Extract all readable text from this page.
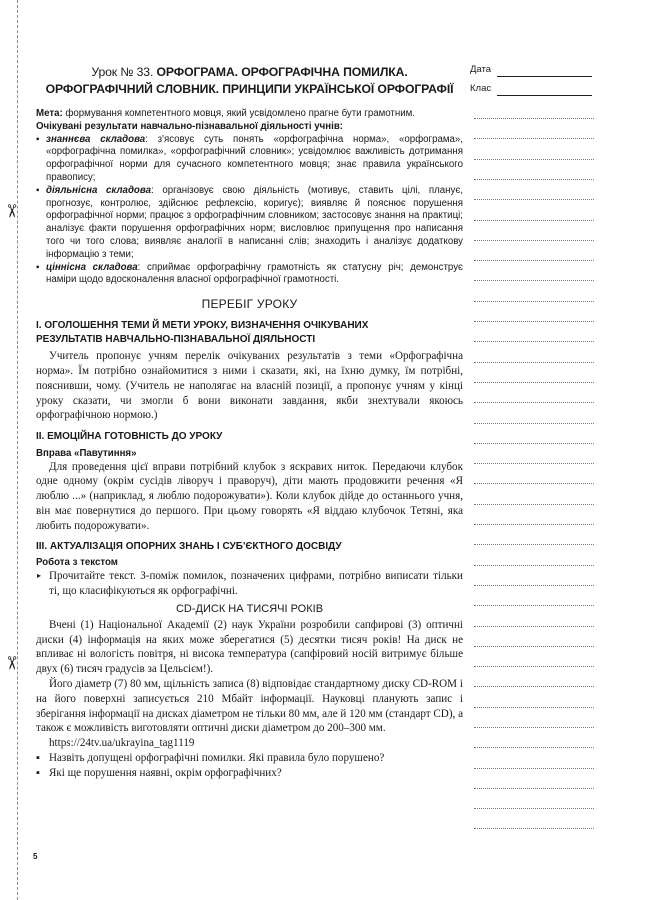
✂
✂
Дата
Клас

Урок № 33. ОРФОГРАМА. ОРФОГРАФІЧНА ПОМИЛКА.
ОРФОГРАФІЧНИЙ СЛОВНИК. ПРИНЦИПИ УКРАЇНСЬКОЇ ОРФОГРАФІЇ

Мета: формування компетентного мовця, який усвідомлено прагне бути грамотним.

Очікувані результати навчально-пізнавальної діяльності учнів:

▪ знаннєва складова: з'ясовує суть понять «орфографічна норма», «орфограма», «орфографічна помилка», «орфографічний словник»; усвідомлює важливість дотримання орфографічної норми для сучасного компетентного мовця; знає правила українського правопису;
▪ діяльнісна складова: організовує свою діяльність (мотивує, ставить цілі, планує, прогнозує, контролює, здійснює рефлексію, коригує); виявляє й пояснює порушення орфографічної норми; працює з орфографічним словником; застосовує знання на практиці; аналізує факти порушення орфографічних норм; висловлює припущення про написання того чи того слова; виявляє аналогії в написанні слів; знаходить і аналізує додаткову інформацію з теми;
▪ ціннісна складова: сприймає орфографічну грамотність як статусну річ; демонструє наміри щодо вдосконалення власної орфографічної грамотності.

ПЕРЕБІГ УРОКУ

I. ОГОЛОШЕННЯ ТЕМИ Й МЕТИ УРОКУ, ВИЗНАЧЕННЯ ОЧІКУВАНИХ
РЕЗУЛЬТАТІВ НАВЧАЛЬНО-ПІЗНАВАЛЬНОЇ ДІЯЛЬНОСТІ

Учитель пропонує учням перелік очікуваних результатів з теми «Орфографічна норма». Їм потрібно ознайомитися з ними і сказати, які, на їхню думку, їм потрібні, пояснивши, чому. (Учитель не наполягає на власній позиції, а пропонує учням у кінці уроку сказати, чи змогли б вони виконати завдання, якби знехтували якоюсь орфографічною нормою.)

II. ЕМОЦІЙНА ГОТОВНІСТЬ ДО УРОКУ

Вправа «Павутиння»

Для проведення цієї вправи потрібний клубок з яскравих ниток. Передаючи клубок одне одному (окрім сусідів ліворуч і праворуч), діти мають продовжити речення «Я люблю ...» (наприклад, я люблю подорожувати»). Коли клубок дійде до останнього учня, він має повернутися до першого. При цьому говорять «Я віддаю клубочок Тетяні, яка любить подорожувати».

III. АКТУАЛІЗАЦІЯ ОПОРНИХ ЗНАНЬ І СУБ'ЄКТНОГО ДОСВІДУ

Робота з текстом

▸ Прочитайте текст. З-поміж помилок, позначених цифрами, потрібно виписати тільки ті, що класифікуються як орфографічні.

CD-ДИСК НА ТИСЯЧІ РОКІВ

Вчені (1) Національної Академії (2) наук України розробили сапфирові (3) оптичні диски (4) інформація на яких може зберегатися (5) десятки тисяч років! На диск не впливає ні вологість повітря, ні висока температура (сапфіровий носій витримує більше двух (6) тисяч градусів за Цельсієм!).

Його діаметр (7) 80 мм, щільність записа (8) відповідає стандартному диску CD-ROM і на його поверхні записується 210 Мбайт інформації. Науковці планують запис і зберігання інформації на дисках діаметром не тільки 80 мм, але й 120 мм (стандарт CD), а також є можливість виготовляти оптичні диски діаметром до 200–300 мм.

https://24tv.ua/ukrayina_tag1119

▪ Назвіть допущені орфографічні помилки. Які правила було порушено?
▪ Які ще порушення наявні, окрім орфографічних?
5
